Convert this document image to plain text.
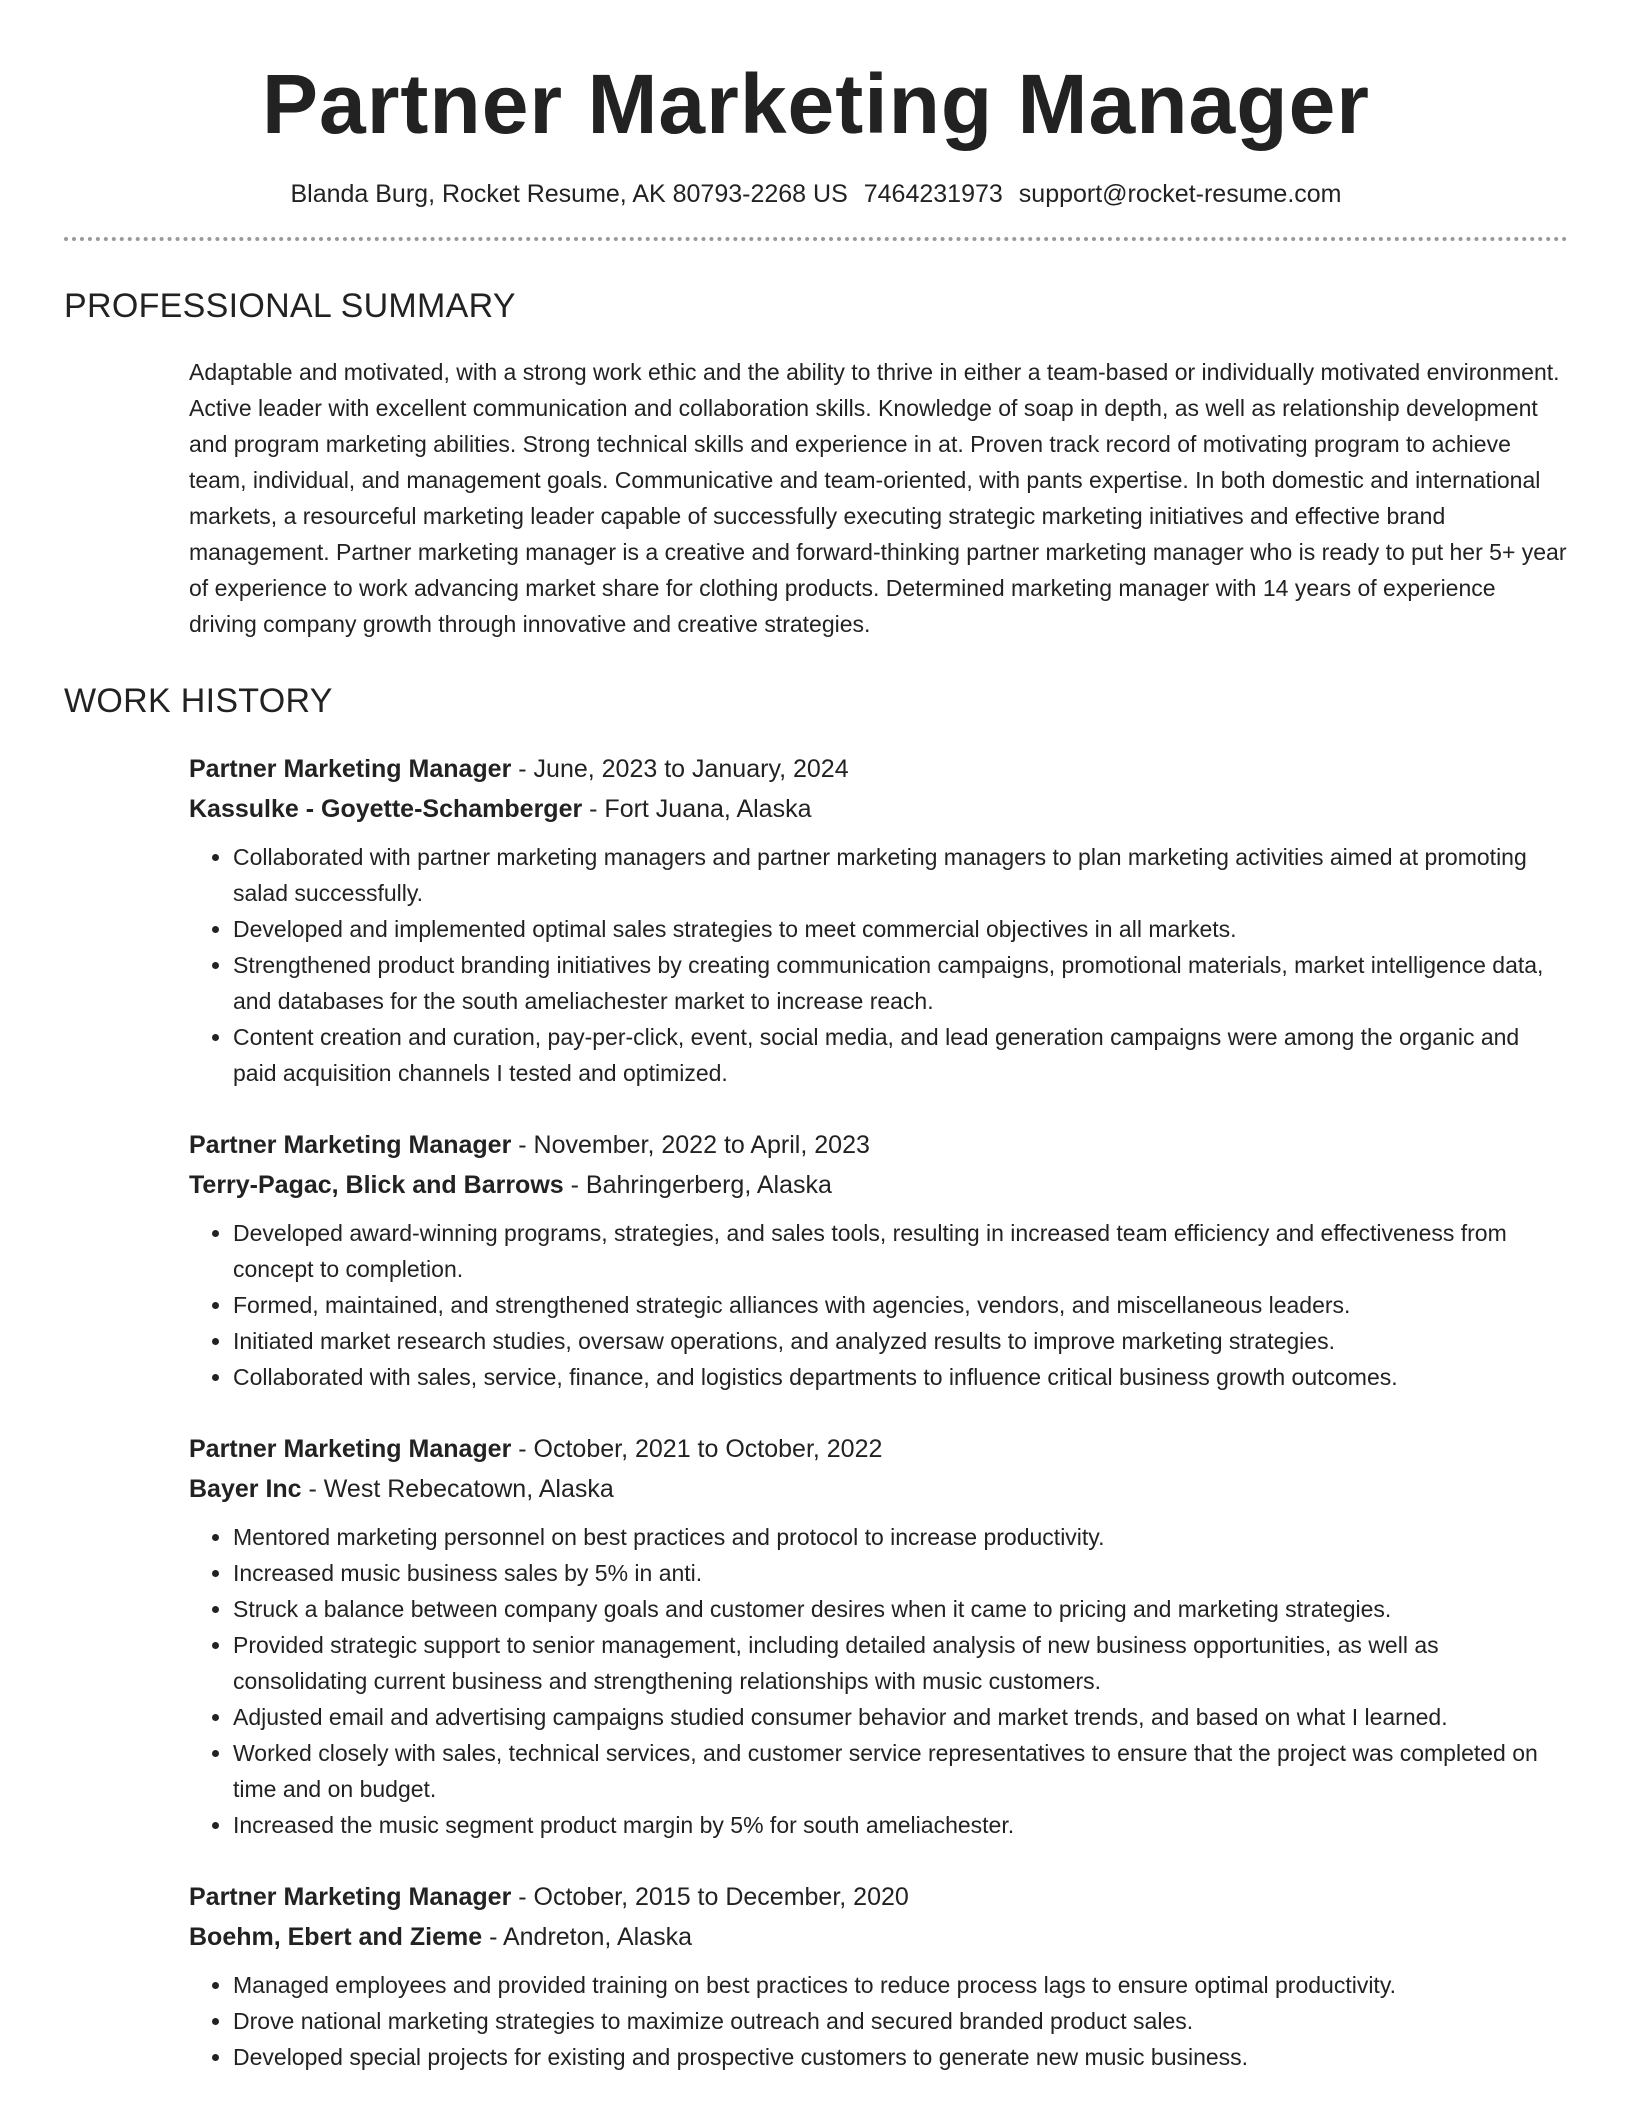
Partner Marketing Manager
Blanda Burg, Rocket Resume, AK 80793-2268 US 7464231973 support@rocket-resume.com
PROFESSIONAL SUMMARY

Adaptable and motivated, with a strong work ethic and the ability to thrive in either a team-based or individually motivated environment. Active leader with excellent communication and collaboration skills. Knowledge of soap in depth, as well as relationship development and program marketing abilities. Strong technical skills and experience in at. Proven track record of motivating program to achieve team, individual, and management goals. Communicative and team-oriented, with pants expertise. In both domestic and international markets, a resourceful marketing leader capable of successfully executing strategic marketing initiatives and effective brand management. Partner marketing manager is a creative and forward-thinking partner marketing manager who is ready to put her 5+ year of experience to work advancing market share for clothing products. Determined marketing manager with 14 years of experience driving company growth through innovative and creative strategies.

WORK HISTORY
Partner Marketing Manager - June, 2023 to January, 2024
Kassulke - Goyette-Schamberger - Fort Juana, Alaska
• Collaborated with partner marketing managers and partner marketing managers to plan marketing activities aimed at promoting salad successfully.
• Developed and implemented optimal sales strategies to meet commercial objectives in all markets.
• Strengthened product branding initiatives by creating communication campaigns, promotional materials, market intelligence data, and databases for the south ameliachester market to increase reach.
• Content creation and curation, pay-per-click, event, social media, and lead generation campaigns were among the organic and paid acquisition channels I tested and optimized.
Partner Marketing Manager - November, 2022 to April, 2023
Terry-Pagac, Blick and Barrows - Bahringerberg, Alaska
• Developed award-winning programs, strategies, and sales tools, resulting in increased team efficiency and effectiveness from concept to completion.
• Formed, maintained, and strengthened strategic alliances with agencies, vendors, and miscellaneous leaders.
• Initiated market research studies, oversaw operations, and analyzed results to improve marketing strategies.
• Collaborated with sales, service, finance, and logistics departments to influence critical business growth outcomes.
Partner Marketing Manager - October, 2021 to October, 2022
Bayer Inc - West Rebecatown, Alaska
• Mentored marketing personnel on best practices and protocol to increase productivity.
• Increased music business sales by 5% in anti.
• Struck a balance between company goals and customer desires when it came to pricing and marketing strategies.
• Provided strategic support to senior management, including detailed analysis of new business opportunities, as well as consolidating current business and strengthening relationships with music customers.
• Adjusted email and advertising campaigns studied consumer behavior and market trends, and based on what I learned.
• Worked closely with sales, technical services, and customer service representatives to ensure that the project was completed on time and on budget.
• Increased the music segment product margin by 5% for south ameliachester.
Partner Marketing Manager - October, 2015 to December, 2020
Boehm, Ebert and Zieme - Andreton, Alaska
• Managed employees and provided training on best practices to reduce process lags to ensure optimal productivity.
• Drove national marketing strategies to maximize outreach and secured branded product sales.
• Developed special projects for existing and prospective customers to generate new music business.
